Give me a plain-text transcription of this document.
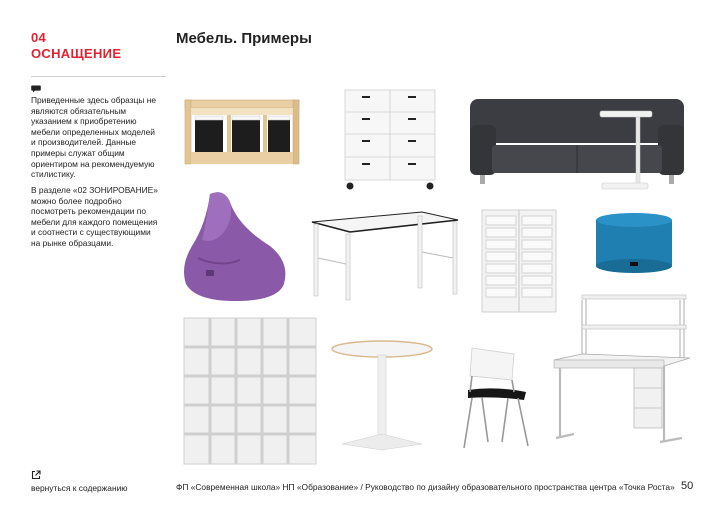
04
ОСНАЩЕНИЕ
Мебель. Примеры

Приведенные здесь образцы не являются обязательным указанием к приобретению мебели определенных моделей и производителей. Данные примеры служат общим ориентиром на рекомендуемую стилистику.

В разделе «02 ЗОНИРОВАНИЕ» можно более подробно посмотреть рекомендации по мебели для каждого помещения и соотнести с существующими на рынке образцами.

вернуться к содержанию	ФП «Современная школа» НП «Образование» / Руководство по дизайну образовательного пространства центра «Точка Роста» 50
